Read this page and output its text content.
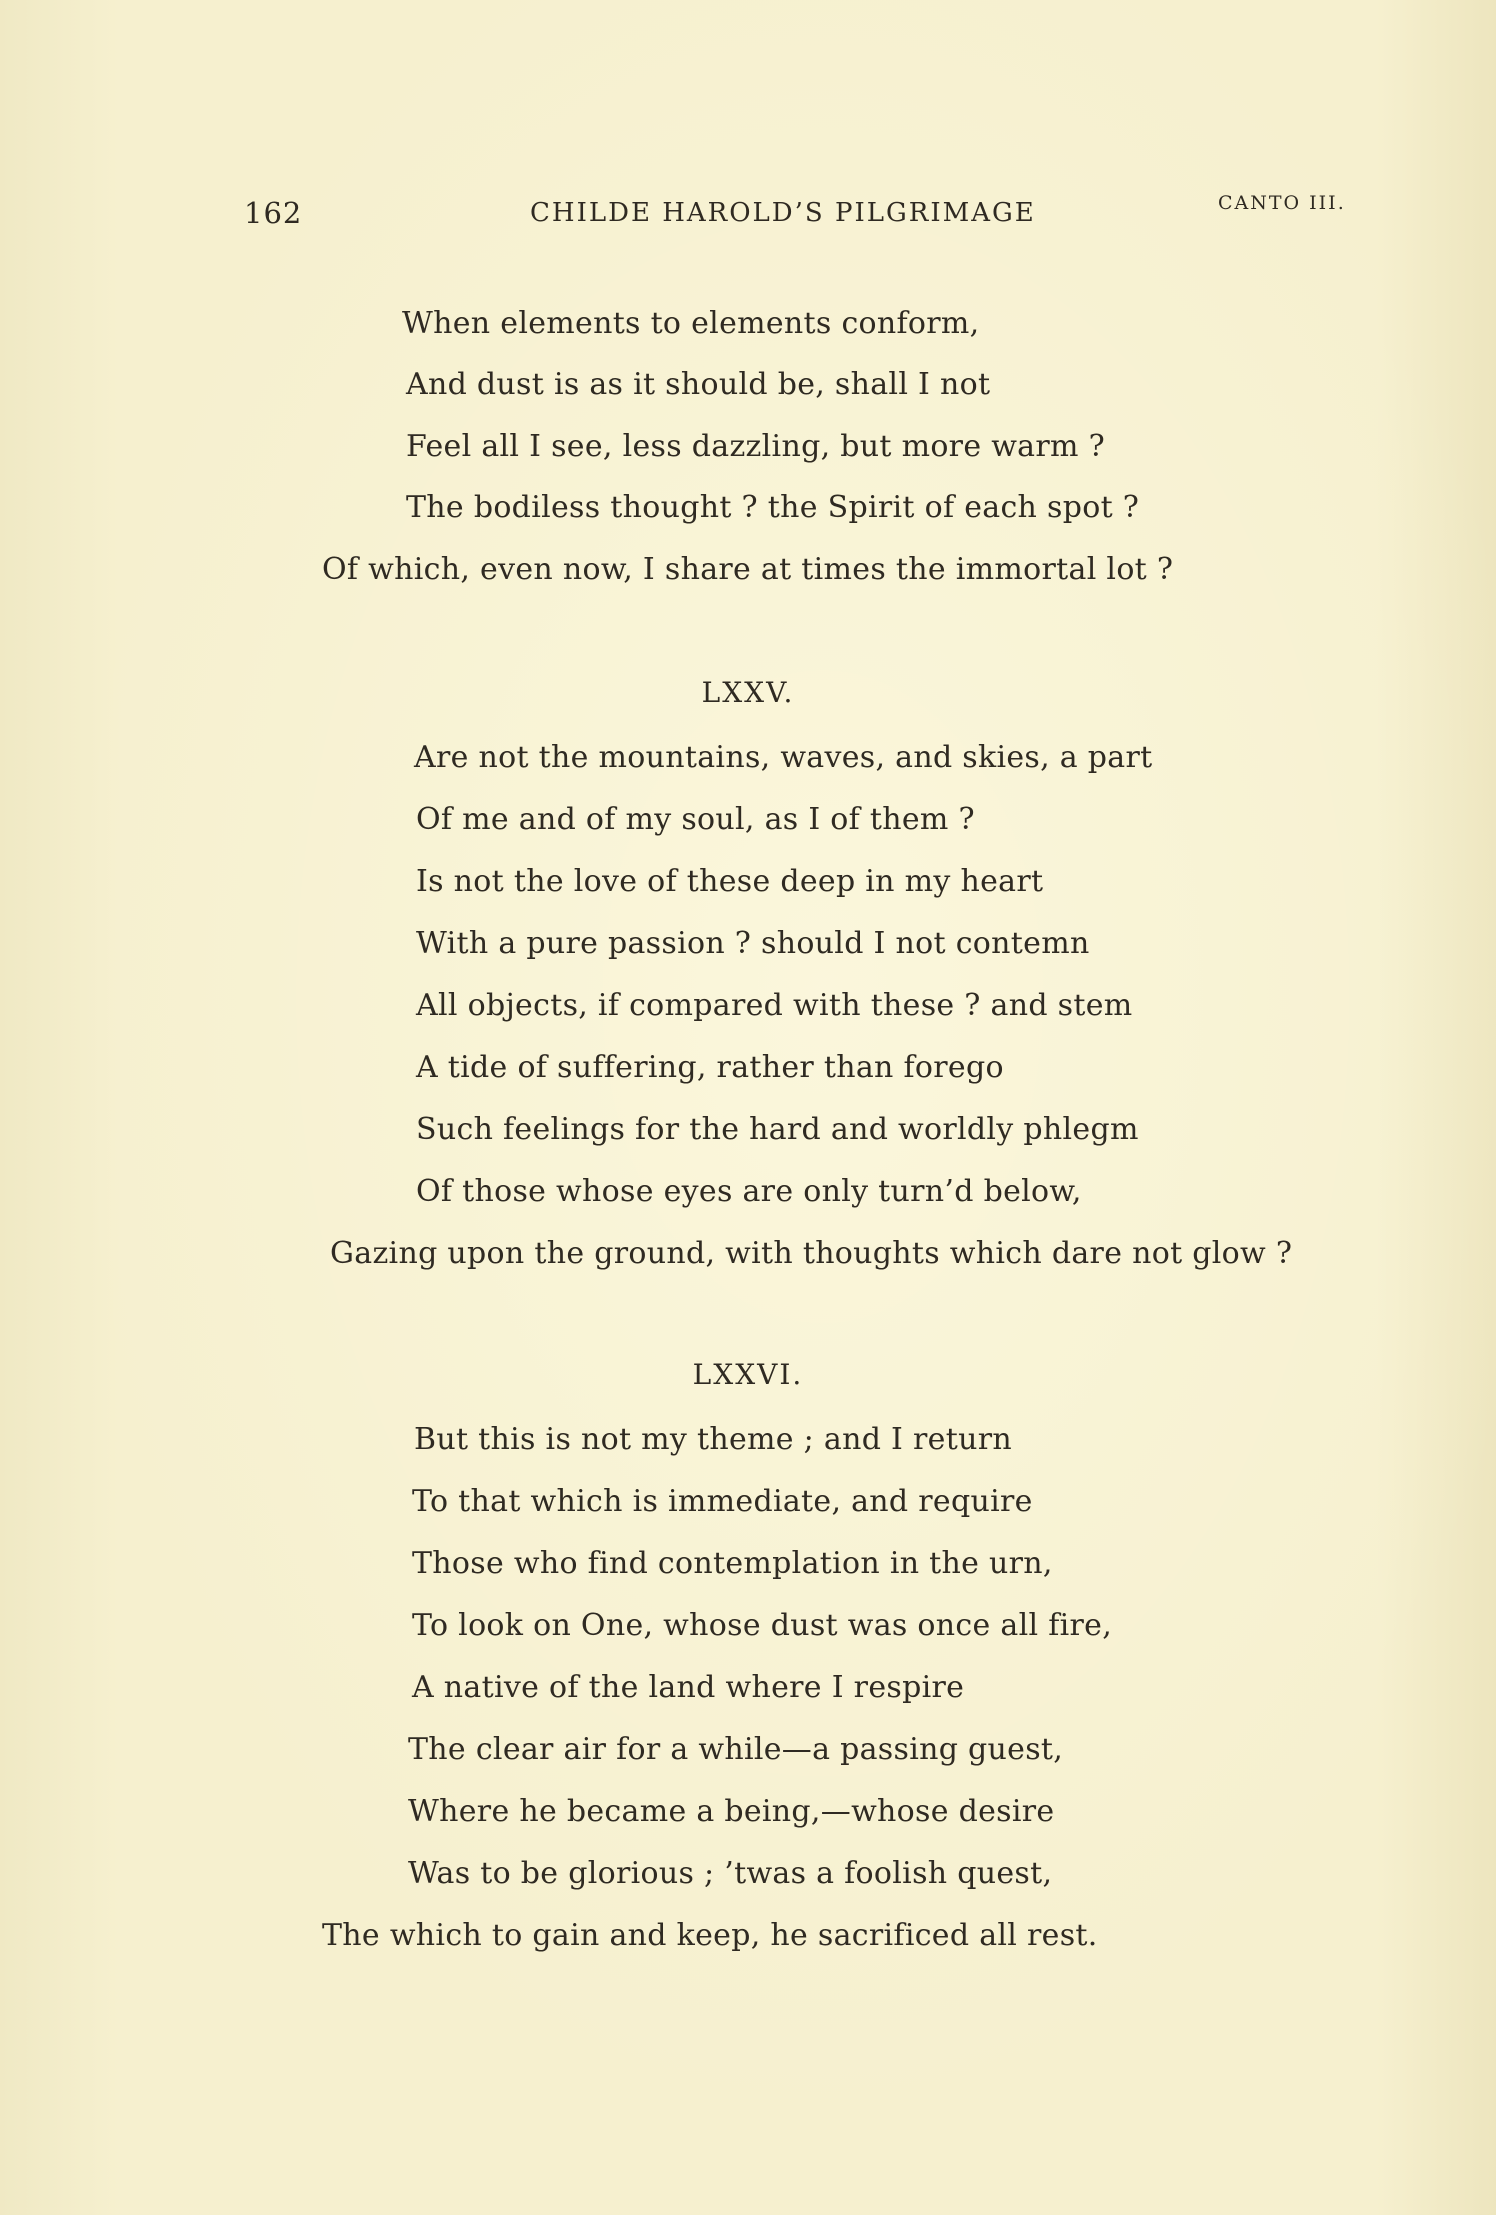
162	CHILDE HAROLD’S PILGRIMAGE	CANTO III.
When elements to elements conform,
And dust is as it should be, shall I not
Feel all I see, less dazzling, but more warm ?
The bodiless thought ? the Spirit of each spot ?
Of which, even now, I share at times the immortal lot ?
LXXV.
Are not the mountains, waves, and skies, a part
Of me and of my soul, as I of them ?
Is not the love of these deep in my heart
With a pure passion ? should I not contemn
All objects, if compared with these ? and stem
A tide of suffering, rather than forego
Such feelings for the hard and worldly phlegm
Of those whose eyes are only turn’d below,
Gazing upon the ground, with thoughts which dare not glow ?
LXXVI.
But this is not my theme ; and I return
To that which is immediate, and require
Those who find contemplation in the urn,
To look on One, whose dust was once all fire,
A native of the land where I respire
The clear air for a while—a passing guest,
Where he became a being,—whose desire
Was to be glorious ; ’twas a foolish quest,
The which to gain and keep, he sacrificed all rest.
